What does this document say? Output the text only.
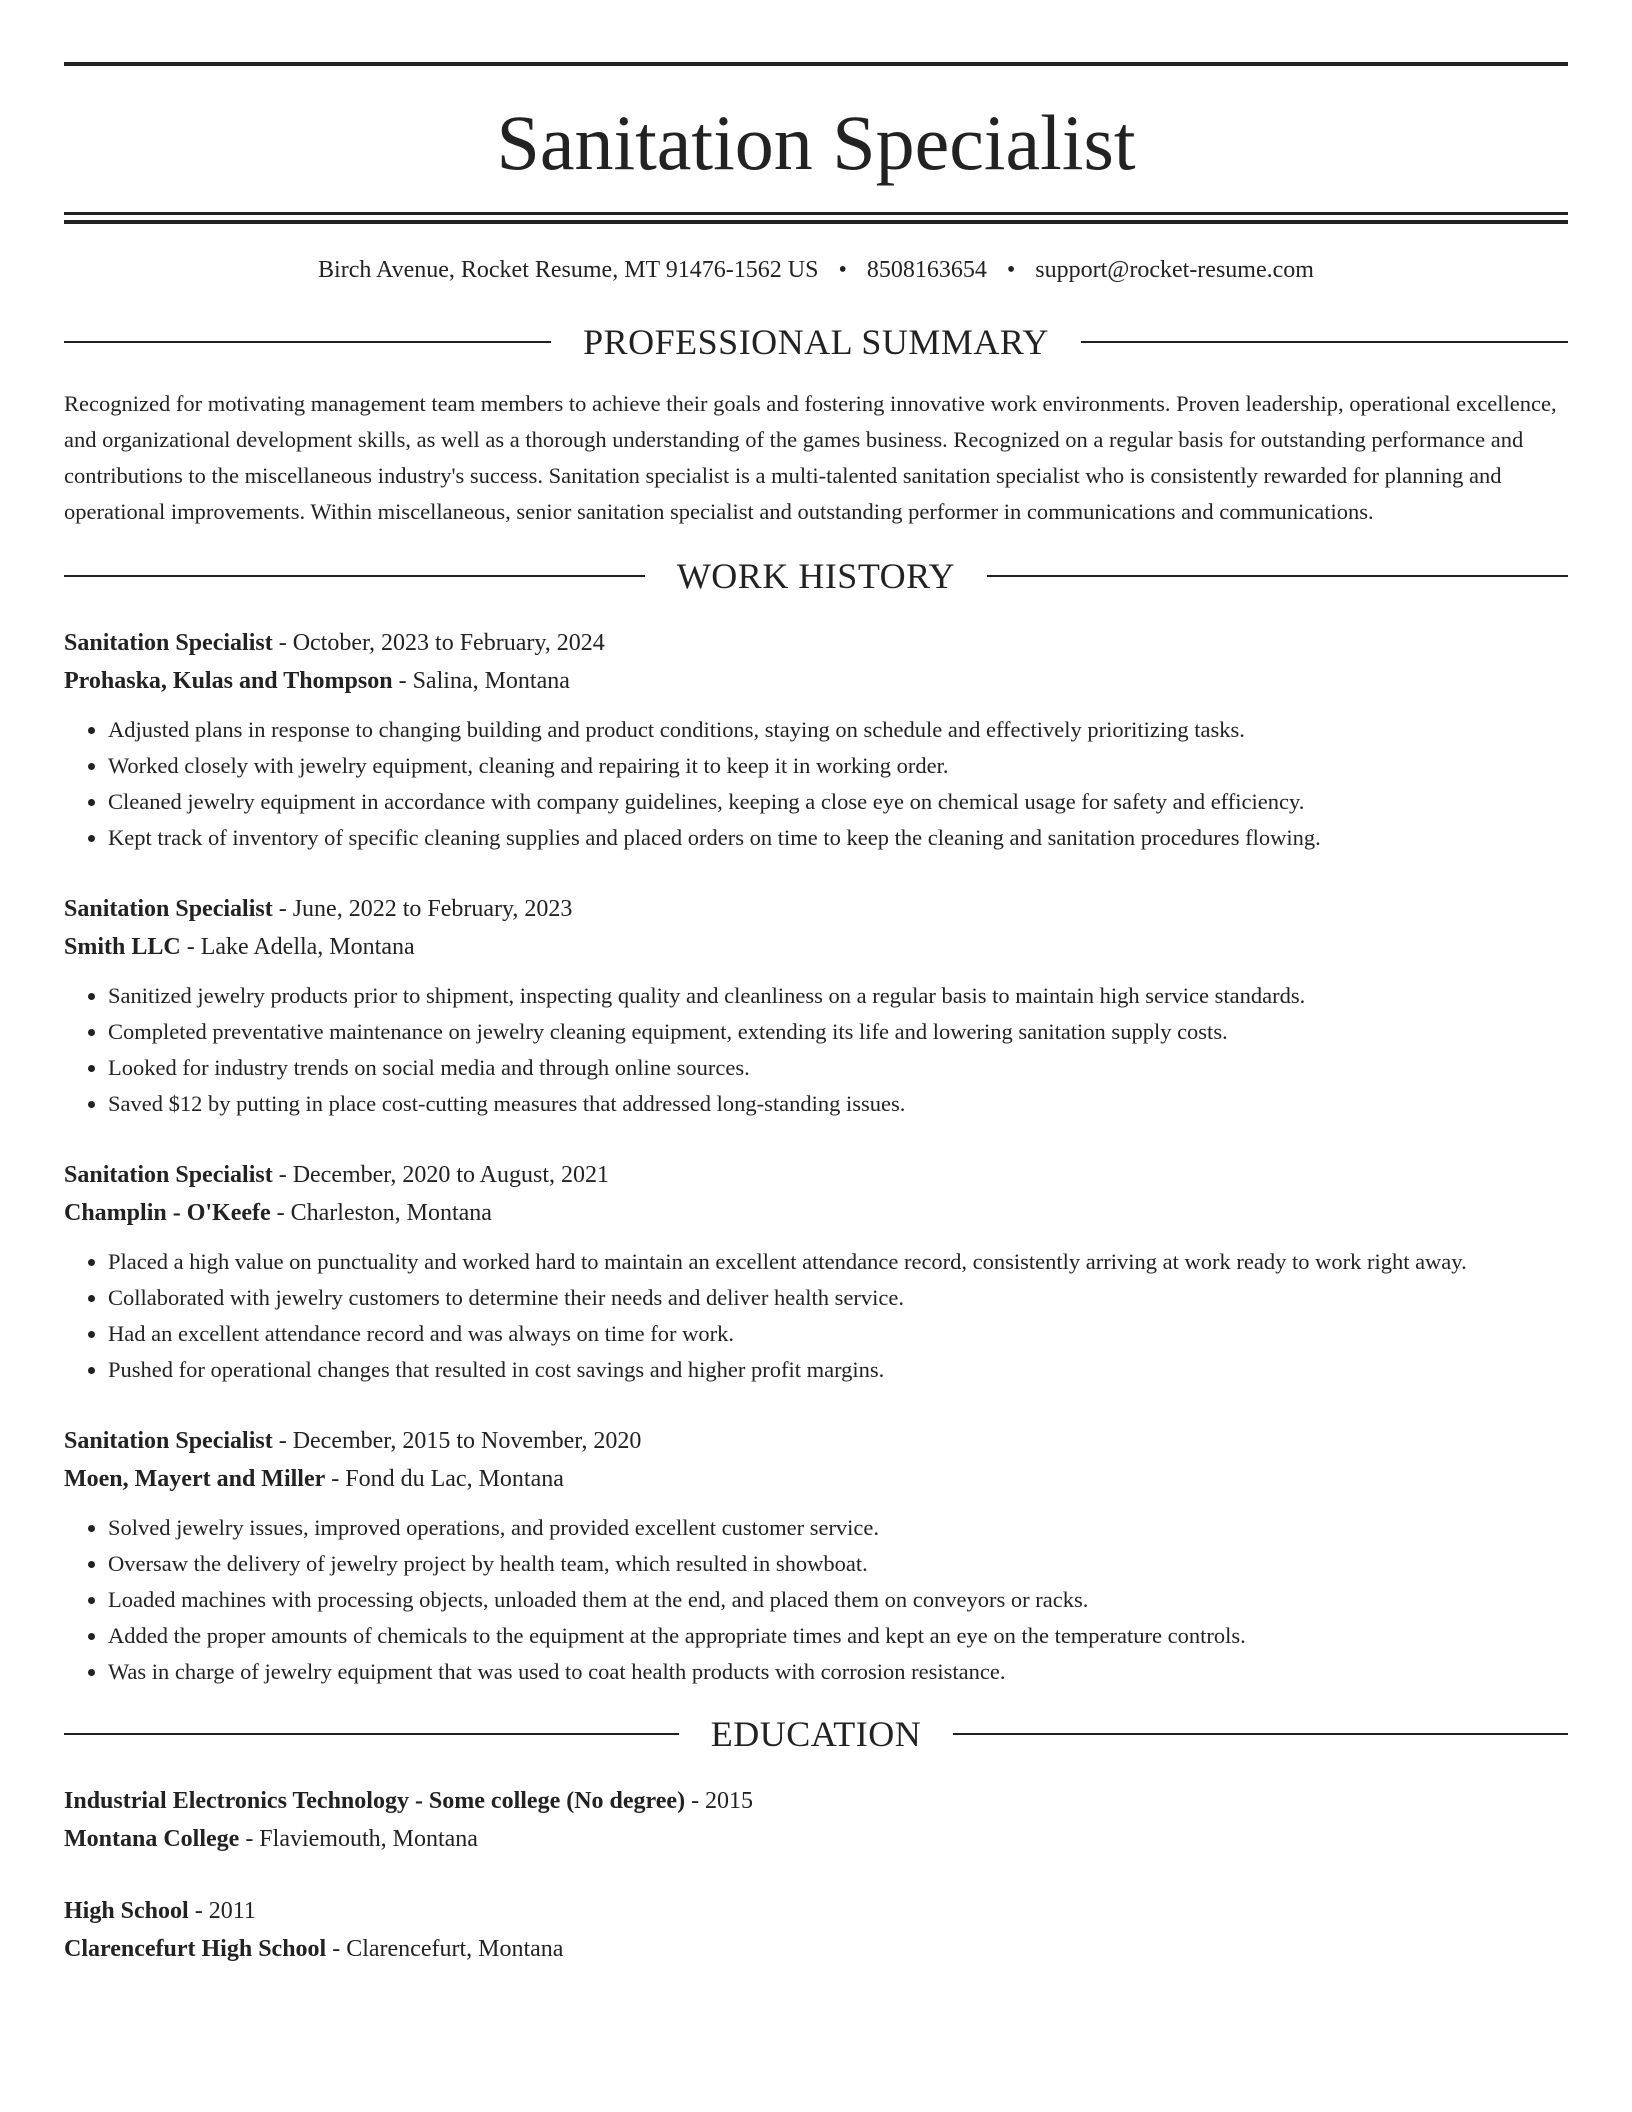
Sanitation Specialist
Birch Avenue, Rocket Resume, MT 91476-1562 US • 8508163654 • support@rocket-resume.com
PROFESSIONAL SUMMARY
Recognized for motivating management team members to achieve their goals and fostering innovative work environments. Proven leadership, operational excellence, and organizational development skills, as well as a thorough understanding of the games business. Recognized on a regular basis for outstanding performance and contributions to the miscellaneous industry's success. Sanitation specialist is a multi-talented sanitation specialist who is consistently rewarded for planning and operational improvements. Within miscellaneous, senior sanitation specialist and outstanding performer in communications and communications.
WORK HISTORY
Sanitation Specialist - October, 2023 to February, 2024
Prohaska, Kulas and Thompson - Salina, Montana
• Adjusted plans in response to changing building and product conditions, staying on schedule and effectively prioritizing tasks.
• Worked closely with jewelry equipment, cleaning and repairing it to keep it in working order.
• Cleaned jewelry equipment in accordance with company guidelines, keeping a close eye on chemical usage for safety and efficiency.
• Kept track of inventory of specific cleaning supplies and placed orders on time to keep the cleaning and sanitation procedures flowing.
Sanitation Specialist - June, 2022 to February, 2023
Smith LLC - Lake Adella, Montana
• Sanitized jewelry products prior to shipment, inspecting quality and cleanliness on a regular basis to maintain high service standards.
• Completed preventative maintenance on jewelry cleaning equipment, extending its life and lowering sanitation supply costs.
• Looked for industry trends on social media and through online sources.
• Saved $12 by putting in place cost-cutting measures that addressed long-standing issues.
Sanitation Specialist - December, 2020 to August, 2021
Champlin - O'Keefe - Charleston, Montana
• Placed a high value on punctuality and worked hard to maintain an excellent attendance record, consistently arriving at work ready to work right away.
• Collaborated with jewelry customers to determine their needs and deliver health service.
• Had an excellent attendance record and was always on time for work.
• Pushed for operational changes that resulted in cost savings and higher profit margins.
Sanitation Specialist - December, 2015 to November, 2020
Moen, Mayert and Miller - Fond du Lac, Montana
• Solved jewelry issues, improved operations, and provided excellent customer service.
• Oversaw the delivery of jewelry project by health team, which resulted in showboat.
• Loaded machines with processing objects, unloaded them at the end, and placed them on conveyors or racks.
• Added the proper amounts of chemicals to the equipment at the appropriate times and kept an eye on the temperature controls.
• Was in charge of jewelry equipment that was used to coat health products with corrosion resistance.
EDUCATION
Industrial Electronics Technology - Some college (No degree) - 2015
Montana College - Flaviemouth, Montana
High School - 2011
Clarencefurt High School - Clarencefurt, Montana
